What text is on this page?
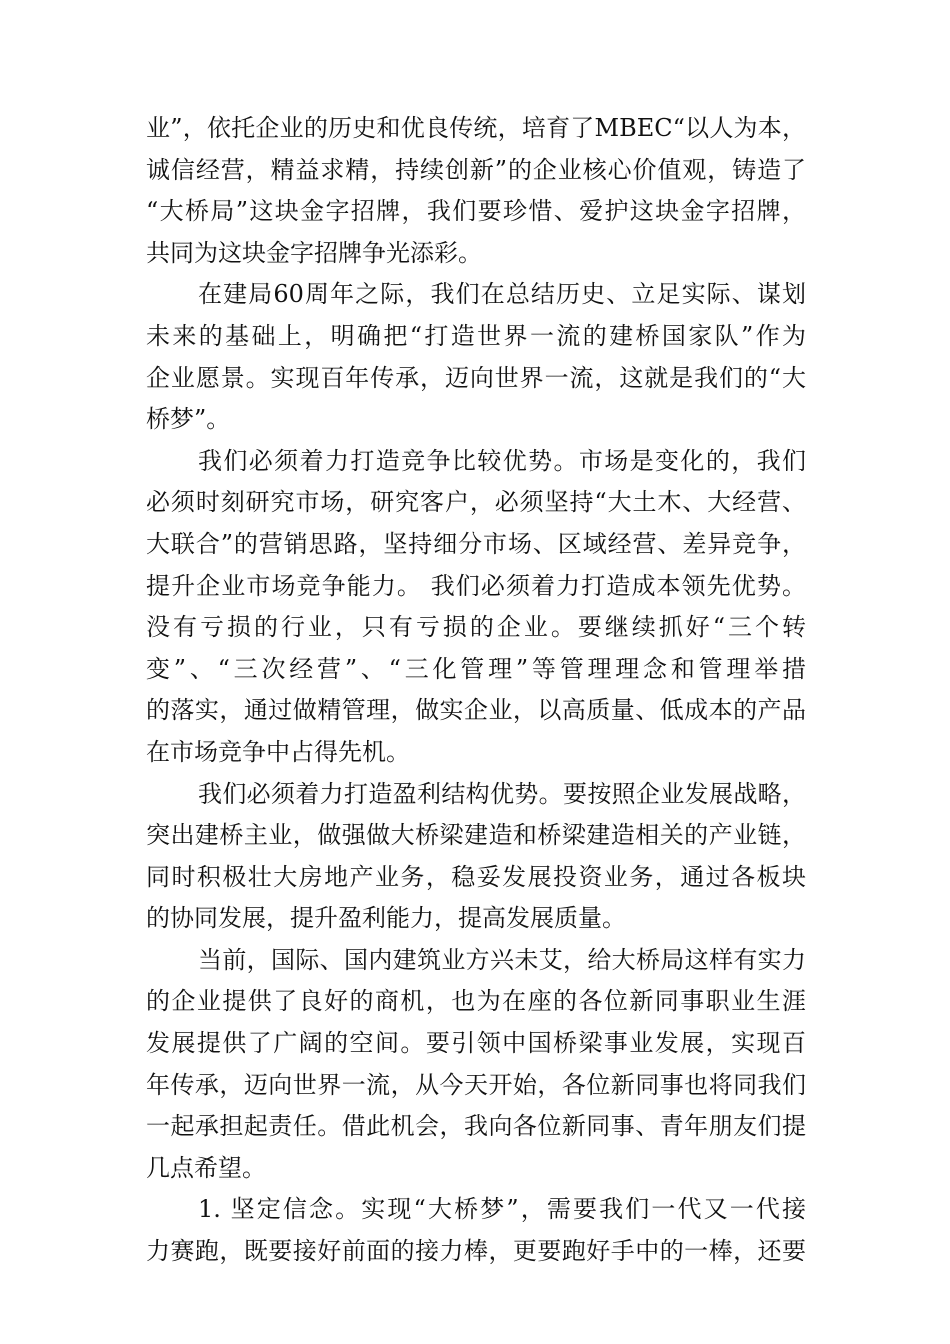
业”，依托企业的历史和优良传统，培育了MBEC“以人为本，
诚信经营，精益求精，持续创新”的企业核心价值观，铸造了
“大桥局”这块金字招牌，我们要珍惜、爱护这块金字招牌，
共同为这块金字招牌争光添彩。
在建局60周年之际，我们在总结历史、立足实际、谋划
未来的基础上，明确把“打造世界一流的建桥国家队”作为
企业愿景。实现百年传承，迈向世界一流，这就是我们的“大
桥梦”。
我们必须着力打造竞争比较优势。市场是变化的，我们
必须时刻研究市场，研究客户，必须坚持“大土木、大经营、
大联合”的营销思路，坚持细分市场、区域经营、差异竞争，
提升企业市场竞争能力。 我们必须着力打造成本领先优势。
没有亏损的行业，只有亏损的企业。要继续抓好“三个转
变”、“三次经营”、“三化管理”等管理理念和管理举措
的落实，通过做精管理，做实企业，以高质量、低成本的产品
在市场竞争中占得先机。
我们必须着力打造盈利结构优势。要按照企业发展战略，
突出建桥主业，做强做大桥梁建造和桥梁建造相关的产业链，
同时积极壮大房地产业务，稳妥发展投资业务，通过各板块
的协同发展，提升盈利能力，提高发展质量。
当前，国际、国内建筑业方兴未艾，给大桥局这样有实力
的企业提供了良好的商机，也为在座的各位新同事职业生涯
发展提供了广阔的空间。要引领中国桥梁事业发展，实现百
年传承，迈向世界一流，从今天开始，各位新同事也将同我们
一起承担起责任。借此机会，我向各位新同事、青年朋友们提
几点希望。
1. 坚定信念。实现“大桥梦”，需要我们一代又一代接
力赛跑，既要接好前面的接力棒，更要跑好手中的一棒，还要
